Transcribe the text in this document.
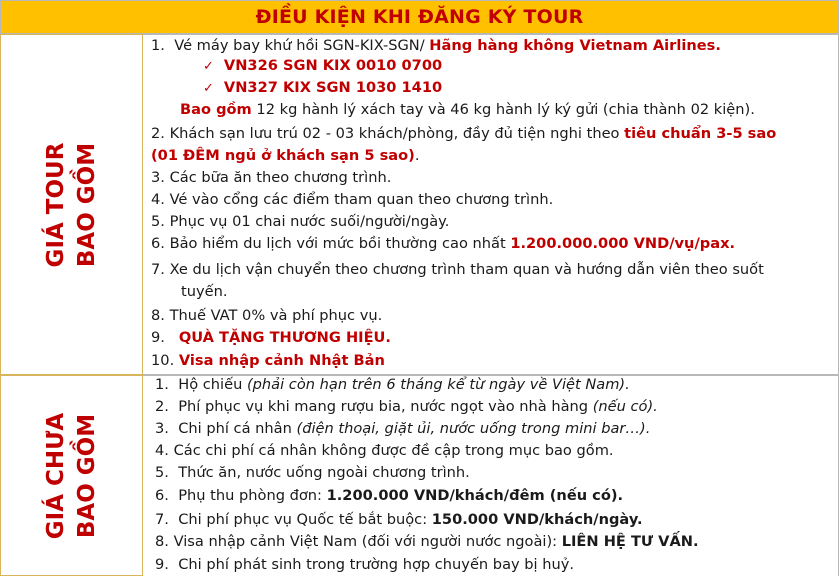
ĐIỀU KIỆN KHI ĐĂNG KÝ TOUR
GIÁ TOUR BAO GỒM
1. Vé máy bay khứ hồi SGN-KIX-SGN/ Hãng hàng không Vietnam Airlines.
✓ VN326 SGN KIX 0010 0700
✓ VN327 KIX SGN 1030 1410
Bao gồm 12 kg hành lý xách tay và 46 kg hành lý ký gửi (chia thành 02 kiện).
2. Khách sạn lưu trú 02 - 03 khách/phòng, đầy đủ tiện nghi theo tiêu chuẩn 3-5 sao
(01 ĐÊM ngủ ở khách sạn 5 sao).
3. Các bữa ăn theo chương trình.
4. Vé vào cổng các điểm tham quan theo chương trình.
5. Phục vụ 01 chai nước suối/người/ngày.
6. Bảo hiểm du lịch với mức bồi thường cao nhất 1.200.000.000 VND/vụ/pax.
7. Xe du lịch vận chuyển theo chương trình tham quan và hướng dẫn viên theo suốt
tuyến.
8. Thuế VAT 0% và phí phục vụ.
9. QUÀ TẶNG THƯƠNG HIỆU.
10. Visa nhập cảnh Nhật Bản
GIÁ CHƯA BAO GỒM
1. Hộ chiếu (phải còn hạn trên 6 tháng kể từ ngày về Việt Nam).
2. Phí phục vụ khi mang rượu bia, nước ngọt vào nhà hàng (nếu có).
3. Chi phí cá nhân (điện thoại, giặt ủi, nước uống trong mini bar…).
4. Các chi phí cá nhân không được đề cập trong mục bao gồm.
5. Thức ăn, nước uống ngoài chương trình.
6. Phụ thu phòng đơn: 1.200.000 VND/khách/đêm (nếu có).
7. Chi phí phục vụ Quốc tế bắt buộc: 150.000 VND/khách/ngày.
8. Visa nhập cảnh Việt Nam (đối với người nước ngoài): LIÊN HỆ TƯ VẤN.
9. Chi phí phát sinh trong trường hợp chuyến bay bị huỷ.
